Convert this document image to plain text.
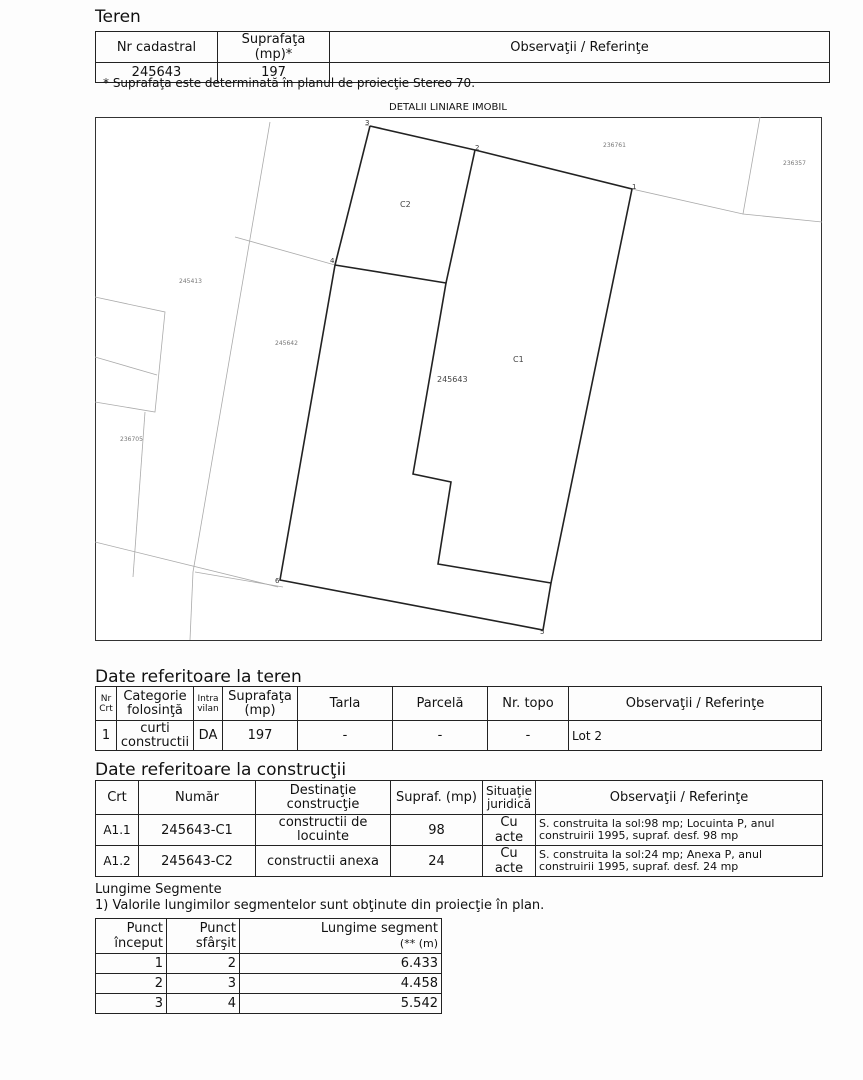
Teren
Nr cadastral	Suprafaţa (mp)*	Observaţii / Referinţe
245643	197	
* Suprafaţa este determinată în planul de proiecţie Stereo 70.
DETALII LINIARE IMOBIL
3
2
1
4
6
5
C2
C1
245643
236761
236357
245413
245642
236705
Date referitoare la teren
Nr Crt	Categorie folosinţă	Intra vilan	Suprafaţa (mp)	Tarla	Parcelă	Nr. topo	Observaţii / Referinţe
1	curti constructii	DA	197	-	-	-	Lot 2
Date referitoare la construcţii
Crt	Număr	Destinaţie construcţie	Supraf. (mp)	Situaţie juridică	Observaţii / Referinţe
A1.1	245643-C1	constructii de locuinte	98	Cu acte	S. construita la sol:98 mp; Locuinta P, anul construirii 1995, supraf. desf. 98 mp
A1.2	245643-C2	constructii anexa	24	Cu acte	S. construita la sol:24 mp; Anexa P, anul construirii 1995, supraf. desf. 24 mp
Lungime Segmente
1) Valorile lungimilor segmentelor sunt obţinute din proiecţie în plan.
Punct început	Punct sfârşit	Lungime segment
(** (m)

1	2	6.433
2	3	4.458
3	4	5.542
